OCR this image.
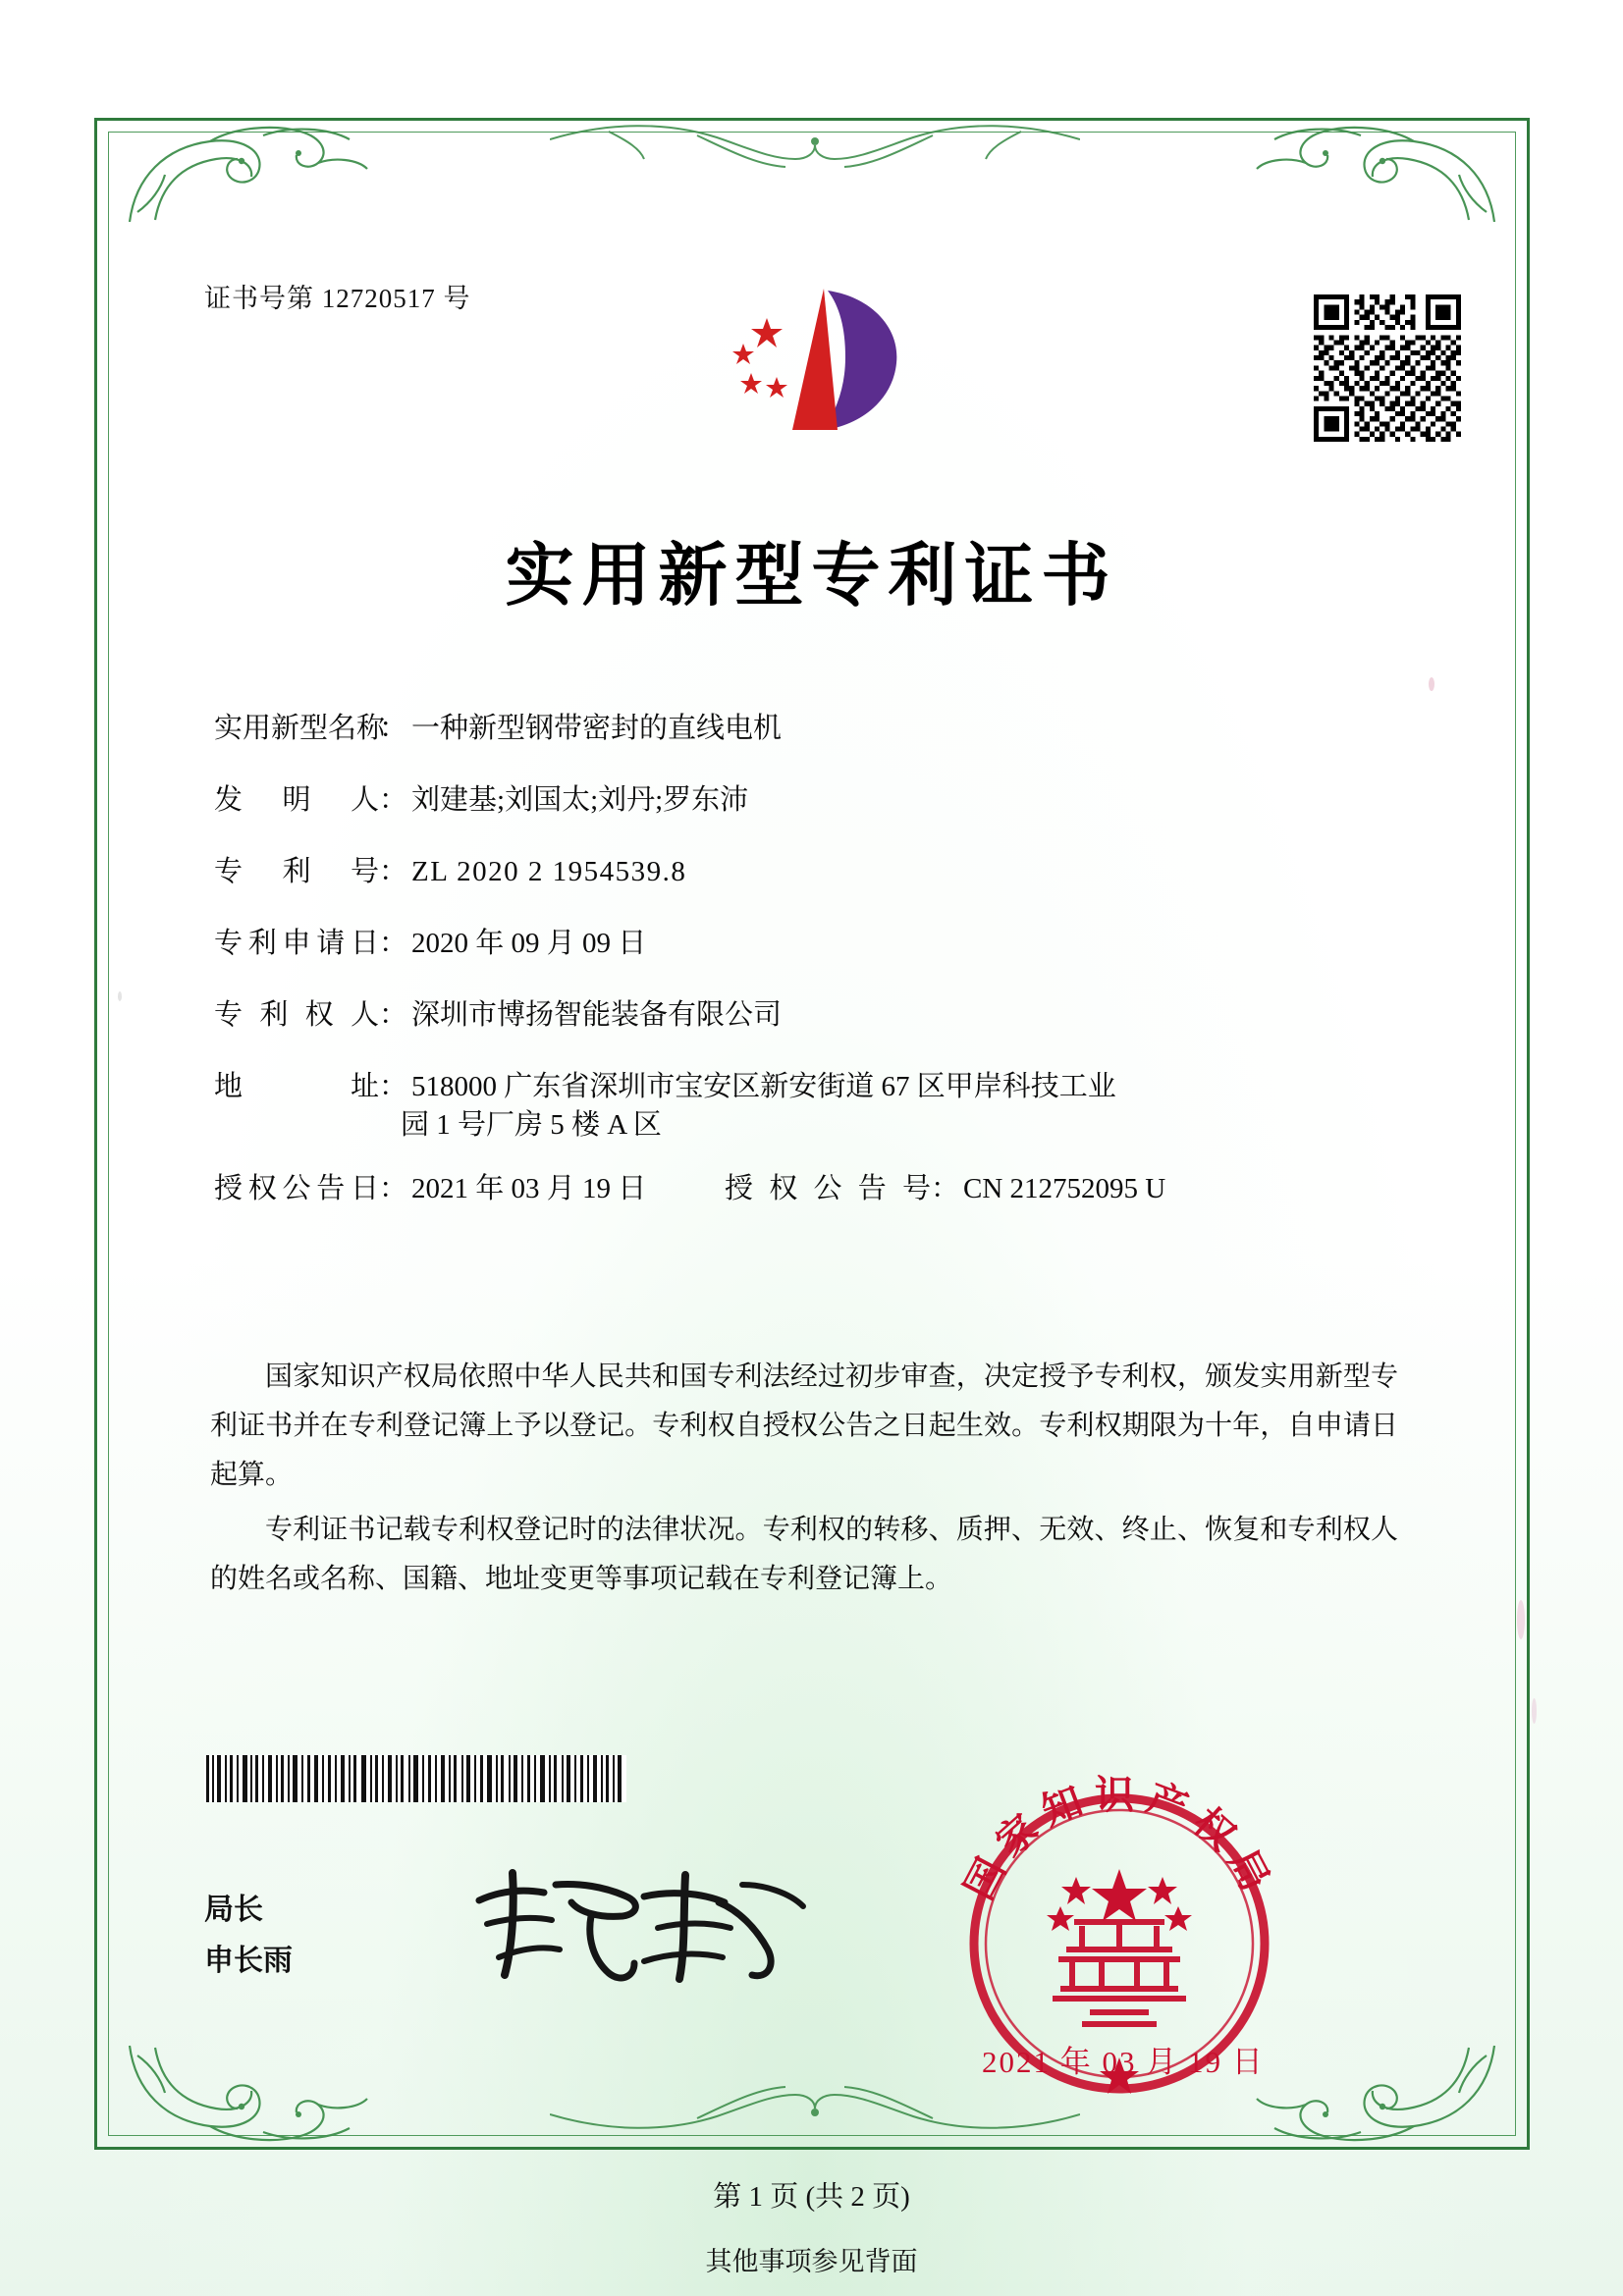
证书号第 12720517 号
实用新型专利证书
实用新型名称
： 一种新型钢带密封的直线电机
发 明 人 ： 刘建基;刘国太;刘丹;罗东沛
专 利 号 ： ZL 2020 2 1954539.8
专利申请日 ： 2020 年 09 月 09 日
专 利 权 人 ： 深圳市博扬智能装备有限公司
地 址 ： 518000 广东省深圳市宝安区新安街道 67 区甲岸科技工业
园 1 号厂房 5 楼 A 区
授权公告日 ： 2021 年 03 月 19 日	授权公告号 ： CN 212752095 U

国家知识产权局依照中华人民共和国专利法经过初步审查，决定授予专利权，颁发实用新型专利证书并在专利登记簿上予以登记。专利权自授权公告之日起生效。专利权期限为十年，自申请日起算。

专利证书记载专利权登记时的法律状况。专利权的转移、质押、无效、终止、恢复和专利权人的姓名或名称、国籍、地址变更等事项记载在专利登记簿上。

局长
申长雨
国家知识产权局
2021 年 03 月 19 日
第 1 页 (共 2 页)
其他事项参见背面
